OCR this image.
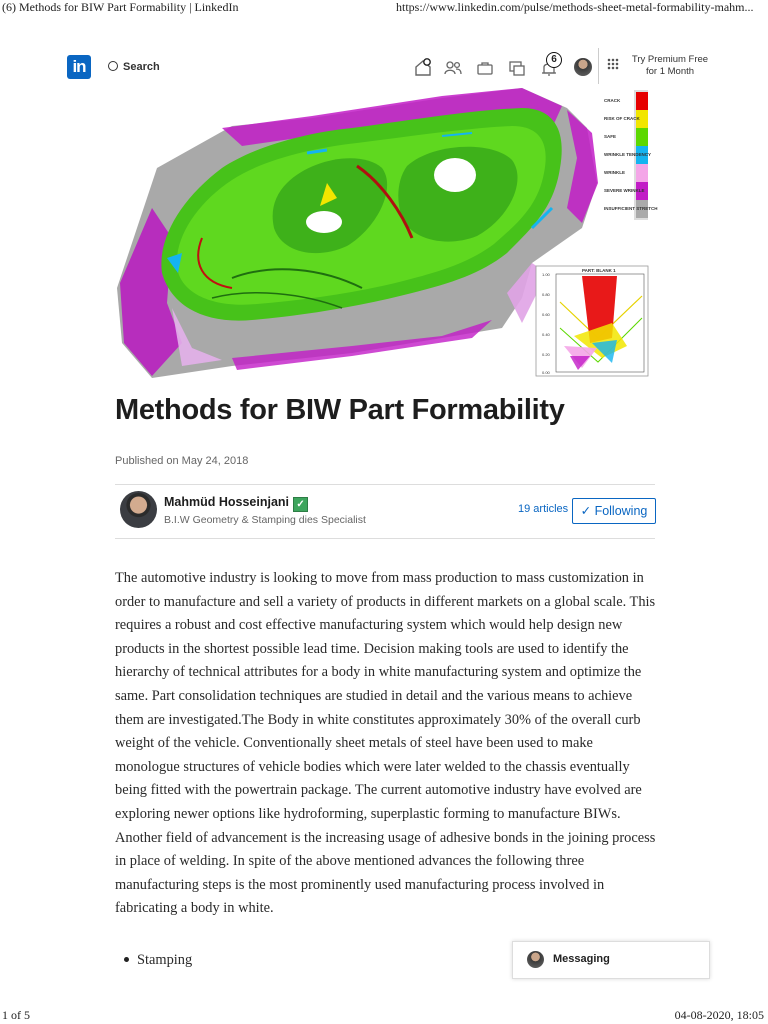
(6) Methods for BIW Part Formability | LinkedIn	https://www.linkedin.com/pulse/methods-sheet-metal-formability-mahm...
in	Search
6	Try Premium Free
for 1 Month
CRACK
RISK OF CRACK
SAFE
WRINKLE TENDENCY
WRINKLE
SEVERE WRINKLE
INSUFFICIENT STRETCH
PART: BLANK 1
1.00
0.80
0.60
0.40
0.20
0.00
Methods for BIW Part Formability
Published on May 24, 2018
Mahmüd Hosseinjani ✓
B.I.W Geometry & Stamping dies Specialist
19 articles ✓ Following

The automotive industry is looking to move from mass production to mass customization in order to manufacture and sell a variety of products in different markets on a global scale. This requires a robust and cost effective manufacturing system which would help design new products in the shortest possible lead time. Decision making tools are used to identify the hierarchy of technical attributes for a body in white manufacturing system and optimize the same. Part consolidation techniques are studied in detail and the various means to achieve them are investigated.The Body in white constitutes approximately 30% of the overall curb weight of the vehicle. Conventionally sheet metals of steel have been used to make monologue structures of vehicle bodies which were later welded to the chassis eventually being fitted with the powertrain package. The current automotive industry have evolved are exploring newer options like hydroforming, superplastic forming to manufacture BIWs. Another field of advancement is the increasing usage of adhesive bonds in the joining process in place of welding. In spite of the above mentioned advances the following three manufacturing steps is the most prominently used manufacturing process involved in fabricating a body in white.

Stamping	Messaging
1 of 5	04-08-2020, 18:05
